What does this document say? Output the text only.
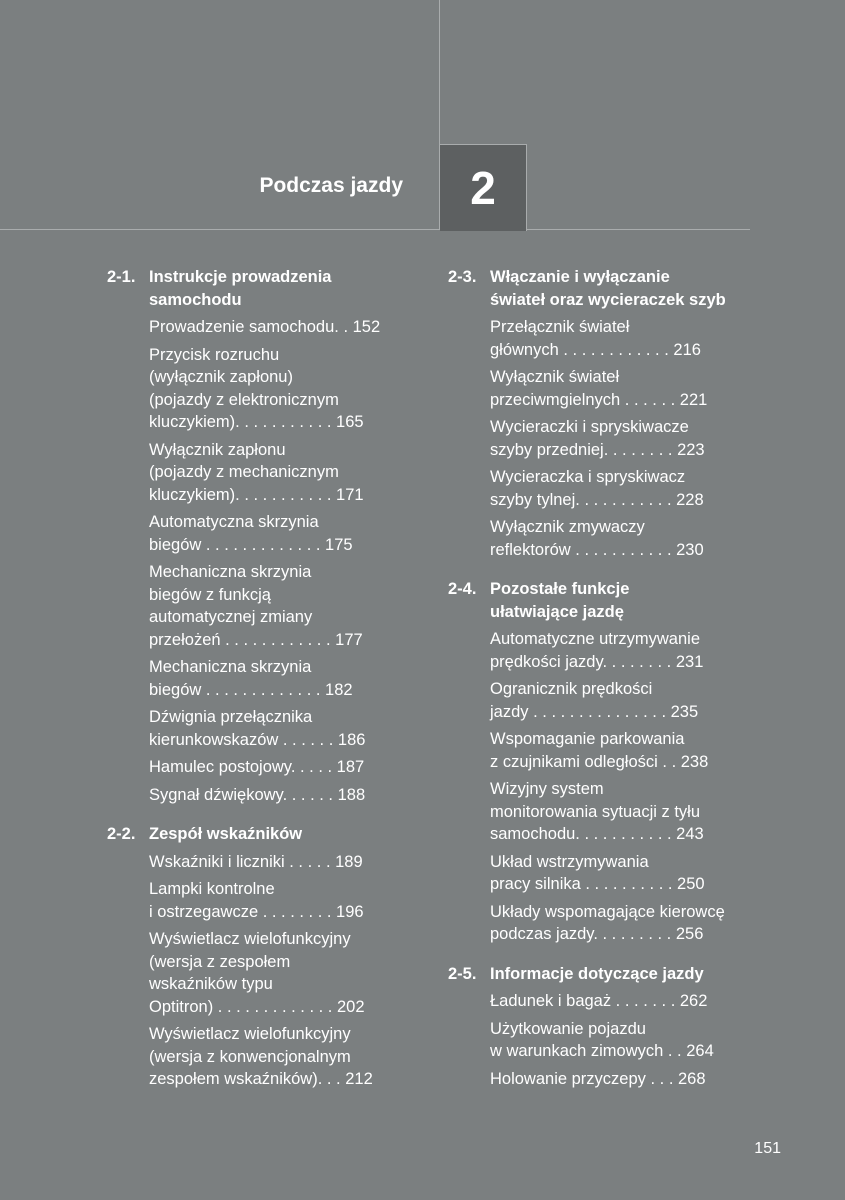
Podczas jazdy 2
2-1. Instrukcje prowadzenia
samochodu
Prowadzenie samochodu. . 152
Przycisk rozruchu
(wyłącznik zapłonu)
(pojazdy z elektronicznym
kluczykiem). . . . . . . . . . . 165
Wyłącznik zapłonu
(pojazdy z mechanicznym
kluczykiem). . . . . . . . . . . 171
Automatyczna skrzynia
biegów . . . . . . . . . . . . . 175
Mechaniczna skrzynia
biegów z funkcją
automatycznej zmiany
przełożeń . . . . . . . . . . . . 177
Mechaniczna skrzynia
biegów . . . . . . . . . . . . . 182
Dźwignia przełącznika
kierunkowskazów . . . . . . 186
Hamulec postojowy. . . . . 187
Sygnał dźwiękowy. . . . . . 188
2-2. Zespół wskaźników
Wskaźniki i liczniki . . . . . 189
Lampki kontrolne
i ostrzegawcze . . . . . . . . 196
Wyświetlacz wielofunkcyjny
(wersja z zespołem
wskaźników typu
Optitron) . . . . . . . . . . . . . 202
Wyświetlacz wielofunkcyjny
(wersja z konwencjonalnym
zespołem wskaźników). . . 212
2-3. Włączanie i wyłączanie
świateł oraz wycieraczek szyb
Przełącznik świateł
głównych . . . . . . . . . . . . 216
Wyłącznik świateł
przeciwmgielnych . . . . . . 221
Wycieraczki i spryskiwacze
szyby przedniej. . . . . . . . 223
Wycieraczka i spryskiwacz
szyby tylnej. . . . . . . . . . . 228
Wyłącznik zmywaczy
reflektorów . . . . . . . . . . . 230
2-4. Pozostałe funkcje
ułatwiające jazdę
Automatyczne utrzymywanie
prędkości jazdy. . . . . . . . 231
Ogranicznik prędkości
jazdy . . . . . . . . . . . . . . . 235
Wspomaganie parkowania
z czujnikami odległości . . 238
Wizyjny system
monitorowania sytuacji z tyłu
samochodu. . . . . . . . . . . 243
Układ wstrzymywania
pracy silnika . . . . . . . . . . 250
Układy wspomagające kierowcę
podczas jazdy. . . . . . . . . 256
2-5. Informacje dotyczące jazdy
Ładunek i bagaż . . . . . . . 262
Użytkowanie pojazdu
w warunkach zimowych . . 264
Holowanie przyczepy . . . 268
151
